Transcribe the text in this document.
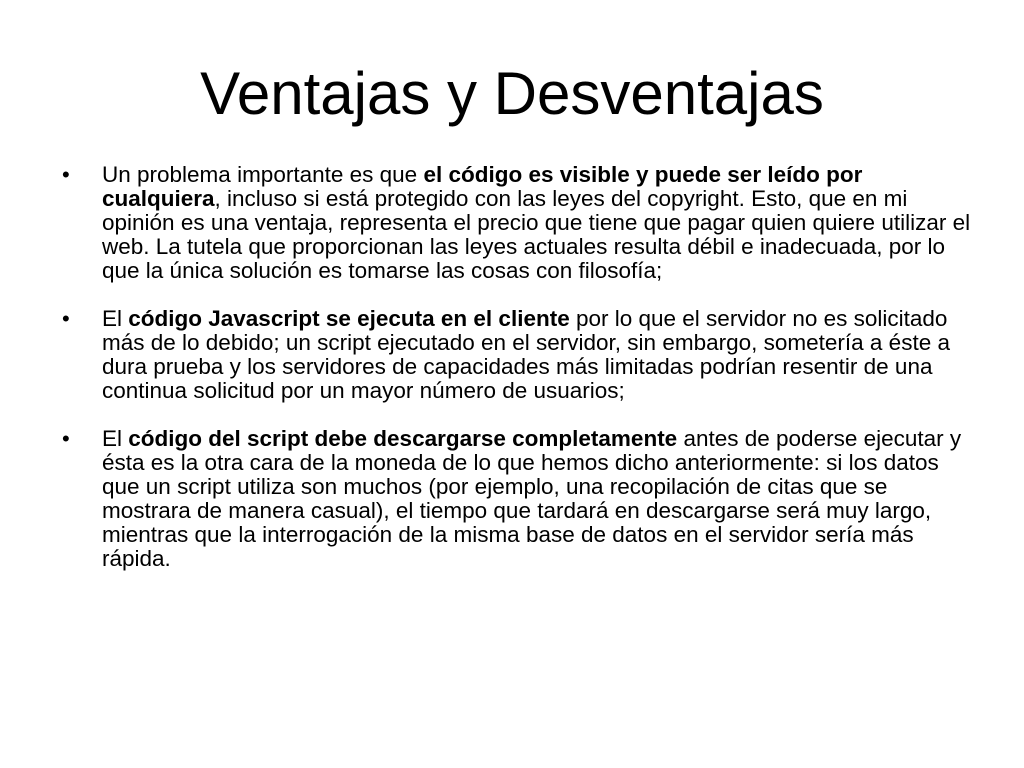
Ventajas y Desventajas
• Un problema importante es que el código es visible y puede ser leído por cualquiera, incluso si está protegido con las leyes del copyright. Esto, que en mi opinión es una ventaja, representa el precio que tiene que pagar quien quiere utilizar el web. La tutela que proporcionan las leyes actuales resulta débil e inadecuada, por lo que la única solución es tomarse las cosas con filosofía;
• El código Javascript se ejecuta en el cliente por lo que el servidor no es solicitado más de lo debido; un script ejecutado en el servidor, sin embargo, sometería a éste a dura prueba y los servidores de capacidades más limitadas podrían resentir de una continua solicitud por un mayor número de usuarios;
• El código del script debe descargarse completamente antes de poderse ejecutar y ésta es la otra cara de la moneda de lo que hemos dicho anteriormente: si los datos que un script utiliza son muchos (por ejemplo, una recopilación de citas que se mostrara de manera casual), el tiempo que tardará en descargarse será muy largo, mientras que la interrogación de la misma base de datos en el servidor sería más rápida.
